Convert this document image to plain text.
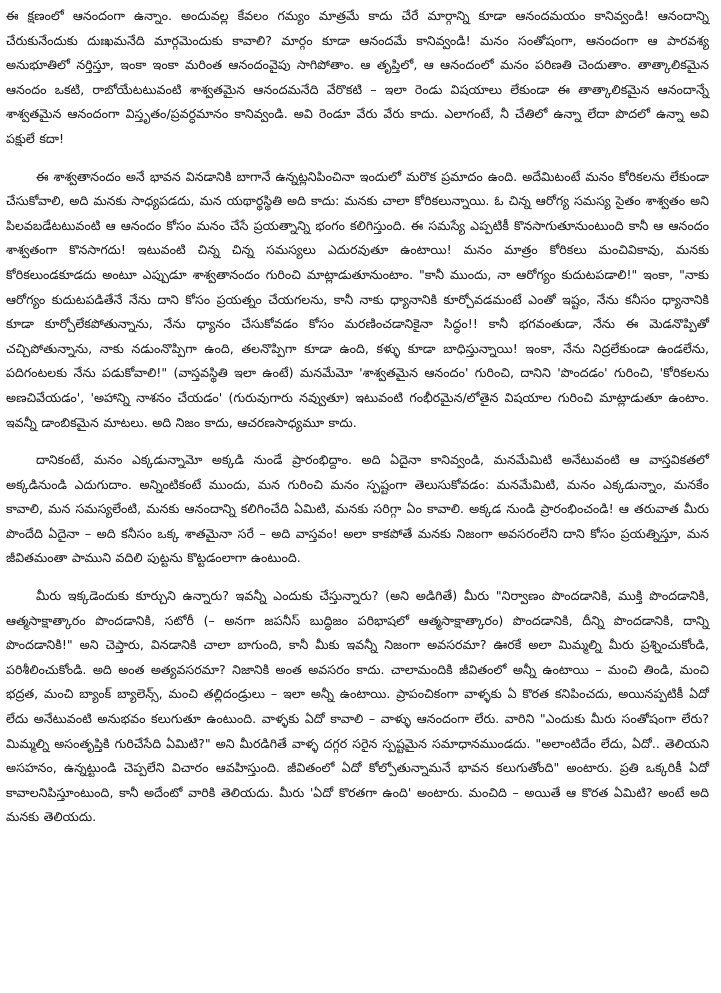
ఈ క్షణంలో ఆనందంగా ఉన్నాం. అందువల్ల కేవలం గమ్యం మాత్రమే కాదు చేరే మార్గాన్ని కూడా ఆనందమయం కానివ్వండి! ఆనందాన్ని చేరుకునేందుకు దుఃఖమనేది మార్గమెందుకు కావాలి? మార్గం కూడా ఆనందమే కానివ్వండి! మనం సంతోషంగా, ఆనందంగా ఆ పారవశ్య అనుభూతిలో నర్తిస్తూ, ఇంకా ఇంకా మరింత ఆనందంవైపు సాగిపోతాం. ఆ తృప్తిలో, ఆ ఆనందంలో మనం పరిణతి చెందుతాం. తాత్కాలికమైన ఆనందం ఒకటి, రాబోయేటటువంటి శాశ్వతమైన ఆనందమనేది వేరొకటి – ఇలా రెండు విషయాలు లేకుండా ఈ తాత్కాలికమైన ఆనందాన్నే శాశ్వతమైన ఆనందంగా విస్తృతం/ప్రవర్ధమానం కానివ్వండి. అవి రెండూ వేరు వేరు కాదు. ఎలాగంటే, నీ చేతిలో ఉన్నా లేదా పొదలో ఉన్నా అవి పక్షులే కదా!

ఈ శాశ్వతానందం అనే భావన వినడానికి బాగానే ఉన్నట్లనిపించినా ఇందులో మరొక ప్రమాదం ఉంది. అదేమిటంటే మనం కోరికలను లేకుండా చేసుకోవాలి, అది మనకు సాధ్యపడదు, మన యథార్థస్థితి అది కాదు: మనకు చాలా కోరికలున్నాయి. ఓ చిన్న ఆరోగ్య సమస్య సైతం శాశ్వతం అని పిలవబడేటటువంటి ఆ ఆనందం కోసం మనం చేసే ప్రయత్నాన్ని భంగం కలిగిస్తుంది. ఈ సమస్యే ఎప్పటికీ కొనసాగుతూనుంటుంది కానీ ఆ ఆనందం శాశ్వతంగా కొనసాగదు! ఇటువంటి చిన్న చిన్న సమస్యలు ఎదురవుతూ ఉంటాయి! మనం మాత్రం కోరికలు మంచివికావు, మనకు కోరికలుండకూడదు అంటూ ఎప్పుడూ శాశ్వతానందం గురించి మాట్లాడుతూనుంటాం. "కానీ ముందు, నా ఆరోగ్యం కుదుటపడాలి!" ఇంకా, "నాకు ఆరోగ్యం కుదుటపడితేనే నేను దాని కోసం ప్రయత్నం చేయగలను, కానీ నాకు ధ్యానానికి కూర్చోవడమంటే ఎంతో ఇష్టం, నేను కనీసం ధ్యానానికి కూడా కూర్చోలేకపోతున్నాను, నేను ధ్యానం చేసుకోవడం కోసం మరణించడానికైనా సిద్ధం!! కానీ భగవంతుడా, నేను ఈ మెడనొప్పితో చచ్చిపోతున్నాను, నాకు నడుంనొప్పిగా ఉంది, తలనొప్పిగా కూడా ఉంది, కళ్ళు కూడా బాధిస్తున్నాయి! ఇంకా, నేను నిద్రలేకుండా ఉండలేను, పదిగంటలకు నేను పడుకోవాలి!" (వాస్తవస్థితి ఇలా ఉంటే) మనమేమో 'శాశ్వతమైన ఆనందం' గురించి, దానిని 'పొందడం' గురించి, 'కోరికలను అణచివేయడం', 'అహాన్ని నాశనం చేయడం' (గురువుగారు నవ్వుతూ) ఇటువంటి గంభీరమైన/లోతైన విషయాల గురించి మాట్లాడుతూ ఉంటాం. ఇవన్నీ డాంబికమైన మాటలు. అది నిజం కాదు, ఆచరణసాధ్యమూ కాదు.

దానికంటే, మనం ఎక్కడున్నామో అక్కడి నుండే ప్రారంభిద్దాం. అది ఏదైనా కానివ్వండి, మనమేమిటి అనేటువంటి ఆ వాస్తవికతలో అక్కడినుండి ఎదుగుదాం. అన్నింటికంటే ముందు, మన గురించి మనం స్పష్టంగా తెలుసుకోవడం: మనమేమిటి, మనం ఎక్కడున్నాం, మనకేం కావాలి, మన సమస్యలేంటి, మనకు ఆనందాన్ని కలిగించేది ఏమిటి, మనకు సరిగ్గా ఏం కావాలి. అక్కడ నుండి ప్రారంభించండి! ఆ తరువాత మీరు పొందేది ఏదైనా – అది కనీసం ఒక్క శాతమైనా సరే – అది వాస్తవం! అలా కాకపోతే మనకు నిజంగా అవసరంలేని దాని కోసం ప్రయత్నిస్తూ, మన జీవితమంతా పాముని వదిలి పుట్టను కొట్టడంలాగా ఉంటుంది.

మీరు ఇక్కడెందుకు కూర్చుని ఉన్నారు? ఇవన్నీ ఎందుకు చేస్తున్నారు? (అని అడిగితే) మీరు "నిర్వాణం పొందడానికి, ముక్తి పొందడానికి, ఆత్మసాక్షాత్కారం పొందడానికి, సటోరీ (– అనగా జపనీస్ బుద్ధిజం పరిభాషలో ఆత్మసాక్షాత్కారం) పొందడానికి, దీన్ని పొందడానికి, దాన్ని పొందడానికి!" అని చెప్తారు, వినడానికి చాలా బాగుంది, కానీ మీకు ఇవన్నీ నిజంగా అవసరమా? ఊరకే అలా మిమ్మల్ని మీరు ప్రశ్నించుకోండి, పరిశీలించుకోండి. అది అంత అత్యవసరమా? నిజానికి అంత అవసరం కాదు. చాలామందికి జీవితంలో అన్నీ ఉంటాయి – మంచి తిండి, మంచి భద్రత, మంచి బ్యాంక్ బ్యాలెన్స్, మంచి తల్లిదండ్రులు – ఇలా అన్నీ ఉంటాయి. ప్రాపంచికంగా వాళ్ళకు ఏ కొరత కనిపించదు, అయినప్పటికీ ఏదో లేదు అనేటువంటి అనుభవం కలుగుతూ ఉంటుంది. వాళ్ళకు ఏదో కావాలి – వాళ్ళు ఆనందంగా లేరు. వారిని "ఎందుకు మీరు సంతోషంగా లేరు? మిమ్మల్ని అసంతృప్తికి గురిచేసేది ఏమిటి?" అని మీరడిగితే వాళ్ళ దగ్గర సరైన స్పష్టమైన సమాధానముండదు. "అలాంటిదేం లేదు, ఏదో.. తెలియని అసహనం, ఉన్నట్టుండి చెప్పలేని విచారం ఆవహిస్తుంది. జీవితంలో ఏదో కోల్పోతున్నామనే భావన కలుగుతోంది" అంటారు. ప్రతి ఒక్కరికీ ఏదో కావాలనిపిస్తూంటుంది, కానీ అదేంటో వారికి తెలియదు. మీరు 'ఏదో కొరతగా ఉంది' అంటారు. మంచిది – అయితే ఆ కొరత ఏమిటి? అంటే అది మనకు తెలియదు.
